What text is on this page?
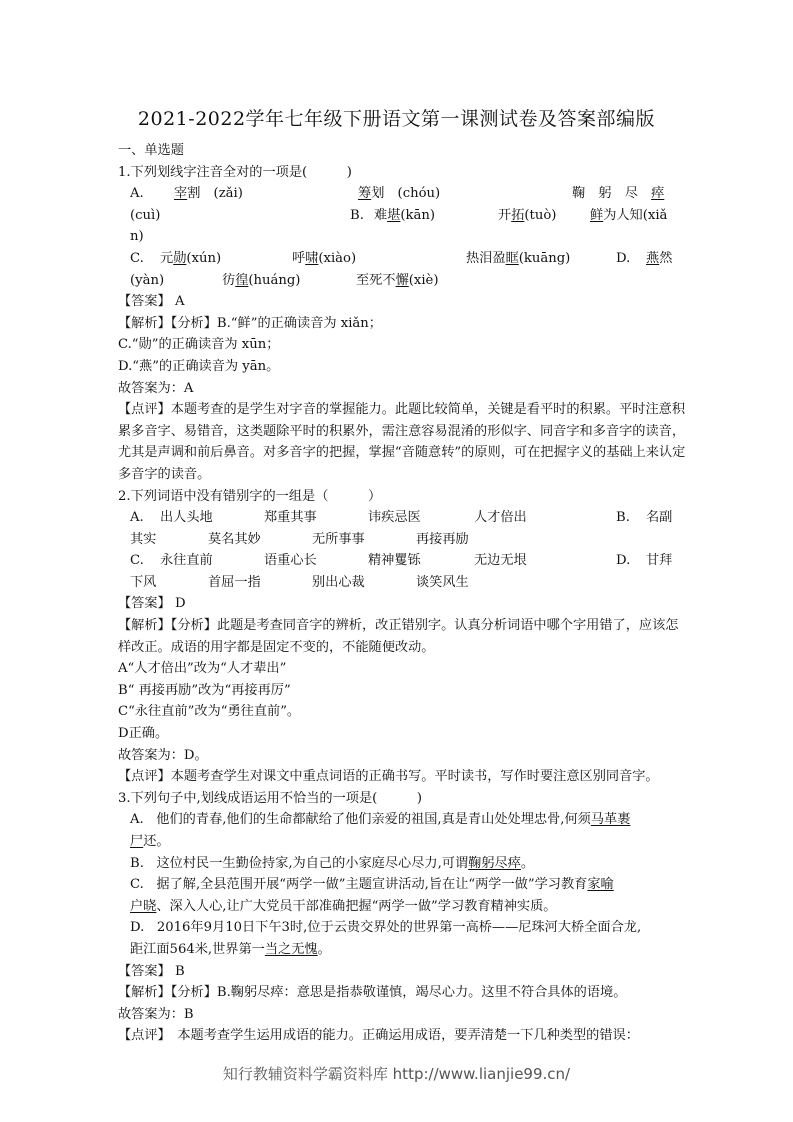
2021-2022学年七年级下册语文第一课测试卷及答案部编版
一、单选题
1.下列划线字注音全对的一项是(　　　)
A. 宰割　(zǎi)	筹划　(chóu)	鞠　躬　尽　瘁
(cuì)	B. 难堪(kān)	开拓(tuò)	鲜为人知(xiǎ
n)
C. 元勋(xún)	呼啸(xiào)	热泪盈眶(kuāng)	D. 燕然
(yàn)	彷徨(huáng)	至死不懈(xiè)
【答案】 A
【解析】【分析】B.“鲜”的正确读音为 xiǎn；
C.“勋”的正确读音为 xūn；
D.“燕”的正确读音为 yān。
故答案为：A
【点评】本题考查的是学生对字音的掌握能力。此题比较简单，关键是看平时的积累。平时注意积累多音字、易错音，这类题除平时的积累外，需注意容易混淆的形似字、同音字和多音字的读音，尤其是声调和前后鼻音。对多音字的把握，掌握“音随意转”的原则，可在把握字义的基础上来认定多音字的读音。
2.下列词语中没有错别字的一组是（　　　）
A. 出人头地	郑重其事	讳疾忌医	人才倍出	B. 名副
其实	莫名其妙	无所事事	再接再励
C. 永往直前	语重心长	精神矍铄	无边无垠	D. 甘拜
下风	首屈一指	别出心裁	谈笑风生
【答案】 D
【解析】【分析】此题是考查同音字的辨析，改正错别字。认真分析词语中哪个字用错了，应该怎样改正。成语的用字都是固定不变的，不能随便改动。
A“人才倍出”改为“人才辈出”
B“ 再接再励”改为“再接再厉”
C“永往直前”改为“勇往直前”。
D正确。
故答案为：D。
【点评】本题考查学生对课文中重点词语的正确书写。平时读书，写作时要注意区别同音字。
3.下列句子中,划线成语运用不恰当的一项是(　　　)
A. 他们的青春,他们的生命都献给了他们亲爱的祖国,真是青山处处埋忠骨,何须马革裹
尸还。
B. 这位村民一生勤俭持家,为自己的小家庭尽心尽力,可谓鞠躬尽瘁。
C. 据了解,全县范围开展“两学一做”主题宣讲活动,旨在让“两学一做”学习教育家喻
户晓、深入人心,让广大党员干部准确把握“两学一做”学习教育精神实质。
D. 2016年9月10日下午3时,位于云贵交界处的世界第一高桥——尼珠河大桥全面合龙,
距江面564米,世界第一当之无愧。
【答案】 B
【解析】【分析】B.鞠躬尽瘁：意思是指恭敬谨慎，竭尽心力。这里不符合具体的语境。
故答案为：B
【点评】　本题考查学生运用成语的能力。正确运用成语，要弄清楚一下几种类型的错误：
知行教辅资料学霸资料库 http://www.lianjie99.cn/
